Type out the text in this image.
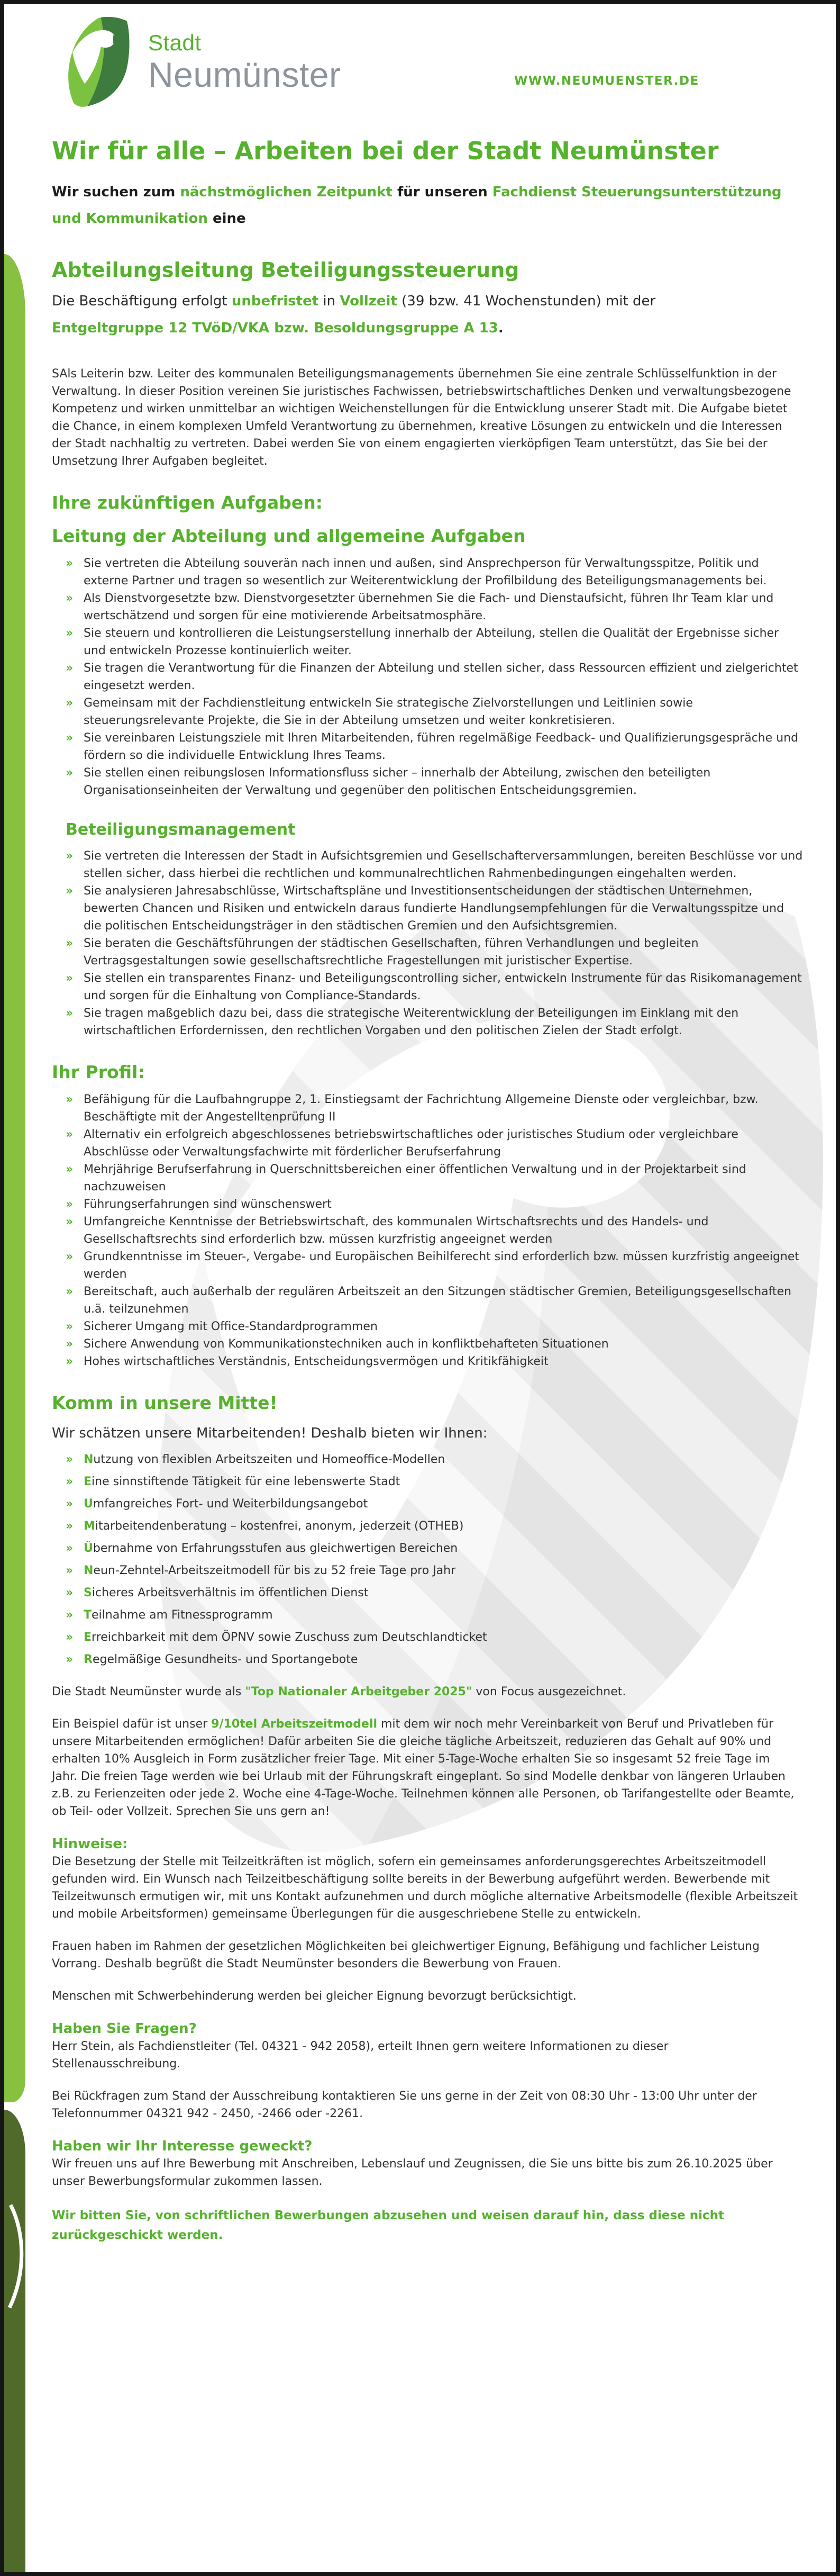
Stadt
Neumünster	WWW.NEUMUENSTER.DE
Wir für alle – Arbeiten bei der Stadt Neumünster

Wir suchen zum nächstmöglichen Zeitpunkt für unseren Fachdienst Steuerungsunterstützung und Kommunikation eine

Abteilungsleitung Beteiligungssteuerung

Die Beschäftigung erfolgt unbefristet in Vollzeit (39 bzw. 41 Wochenstunden) mit der

Entgeltgruppe 12 TVöD/VKA bzw. Besoldungsgruppe A 13.

SAls Leiterin bzw. Leiter des kommunalen Beteiligungsmanagements übernehmen Sie eine zentrale Schlüsselfunktion in der Verwaltung. In dieser Position vereinen Sie juristisches Fachwissen, betriebswirtschaftliches Denken und verwaltungsbezogene Kompetenz und wirken unmittelbar an wichtigen Weichenstellungen für die Entwicklung unserer Stadt mit. Die Aufgabe bietet die Chance, in einem komplexen Umfeld Verantwortung zu übernehmen, kreative Lösungen zu entwickeln und die Interessen der Stadt nachhaltig zu vertreten. Dabei werden Sie von einem engagierten vierköpfigen Team unterstützt, das Sie bei der Umsetzung Ihrer Aufgaben begleitet.

Ihre zukünftigen Aufgaben:
Leitung der Abteilung und allgemeine Aufgaben
» Sie vertreten die Abteilung souverän nach innen und außen, sind Ansprechperson für Verwaltungsspitze, Politik und externe Partner und tragen so wesentlich zur Weiterentwicklung der Profilbildung des Beteiligungsmanagements bei.
» Als Dienstvorgesetzte bzw. Dienstvorgesetzter übernehmen Sie die Fach- und Dienstaufsicht, führen Ihr Team klar und wertschätzend und sorgen für eine motivierende Arbeitsatmosphäre.
» Sie steuern und kontrollieren die Leistungserstellung innerhalb der Abteilung, stellen die Qualität der Ergebnisse sicher und entwickeln Prozesse kontinuierlich weiter.
» Sie tragen die Verantwortung für die Finanzen der Abteilung und stellen sicher, dass Ressourcen effizient und zielgerichtet eingesetzt werden.
» Gemeinsam mit der Fachdienstleitung entwickeln Sie strategische Zielvorstellungen und Leitlinien sowie steuerungsrelevante Projekte, die Sie in der Abteilung umsetzen und weiter konkretisieren.
» Sie vereinbaren Leistungsziele mit Ihren Mitarbeitenden, führen regelmäßige Feedback- und Qualifizierungsgespräche und fördern so die individuelle Entwicklung Ihres Teams.
» Sie stellen einen reibungslosen Informationsfluss sicher – innerhalb der Abteilung, zwischen den beteiligten Organisationseinheiten der Verwaltung und gegenüber den politischen Entscheidungsgremien.
Beteiligungsmanagement
» Sie vertreten die Interessen der Stadt in Aufsichtsgremien und Gesellschafterversammlungen, bereiten Beschlüsse vor und stellen sicher, dass hierbei die rechtlichen und kommunalrechtlichen Rahmenbedingungen eingehalten werden.
» Sie analysieren Jahresabschlüsse, Wirtschaftspläne und Investitionsentscheidungen der städtischen Unternehmen, bewerten Chancen und Risiken und entwickeln daraus fundierte Handlungsempfehlungen für die Verwaltungsspitze und die politischen Entscheidungsträger in den städtischen Gremien und den Aufsichtsgremien.
» Sie beraten die Geschäftsführungen der städtischen Gesellschaften, führen Verhandlungen und begleiten Vertragsgestaltungen sowie gesellschaftsrechtliche Fragestellungen mit juristischer Expertise.
» Sie stellen ein transparentes Finanz- und Beteiligungscontrolling sicher, entwickeln Instrumente für das Risikomanagement und sorgen für die Einhaltung von Compliance-Standards.
» Sie tragen maßgeblich dazu bei, dass die strategische Weiterentwicklung der Beteiligungen im Einklang mit den wirtschaftlichen Erfordernissen, den rechtlichen Vorgaben und den politischen Zielen der Stadt erfolgt.
Ihr Profil:
» Befähigung für die Laufbahngruppe 2, 1. Einstiegsamt der Fachrichtung Allgemeine Dienste oder vergleichbar, bzw. Beschäftigte mit der Angestelltenprüfung II
» Alternativ ein erfolgreich abgeschlossenes betriebswirtschaftliches oder juristisches Studium oder vergleichbare Abschlüsse oder Verwaltungsfachwirte mit förderlicher Berufserfahrung
» Mehrjährige Berufserfahrung in Querschnittsbereichen einer öffentlichen Verwaltung und in der Projektarbeit sind nachzuweisen
» Führungserfahrungen sind wünschenswert
» Umfangreiche Kenntnisse der Betriebswirtschaft, des kommunalen Wirtschaftsrechts und des Handels- und Gesellschaftsrechts sind erforderlich bzw. müssen kurzfristig angeeignet werden
» Grundkenntnisse im Steuer-, Vergabe- und Europäischen Beihilferecht sind erforderlich bzw. müssen kurzfristig angeeignet werden
» Bereitschaft, auch außerhalb der regulären Arbeitszeit an den Sitzungen städtischer Gremien, Beteiligungsgesellschaften u.ä. teilzunehmen
» Sicherer Umgang mit Office-Standardprogrammen
» Sichere Anwendung von Kommunikationstechniken auch in konfliktbehafteten Situationen
» Hohes wirtschaftliches Verständnis, Entscheidungsvermögen und Kritikfähigkeit
Komm in unsere Mitte!

Wir schätzen unsere Mitarbeitenden! Deshalb bieten wir Ihnen:

» Nutzung von flexiblen Arbeitszeiten und Homeoffice-Modellen
» Eine sinnstiftende Tätigkeit für eine lebenswerte Stadt
» Umfangreiches Fort- und Weiterbildungsangebot
» Mitarbeitendenberatung – kostenfrei, anonym, jederzeit (OTHEB)
» Übernahme von Erfahrungsstufen aus gleichwertigen Bereichen
» Neun-Zehntel-Arbeitszeitmodell für bis zu 52 freie Tage pro Jahr
» Sicheres Arbeitsverhältnis im öffentlichen Dienst
» Teilnahme am Fitnessprogramm
» Erreichbarkeit mit dem ÖPNV sowie Zuschuss zum Deutschlandticket
» Regelmäßige Gesundheits- und Sportangebote

Die Stadt Neumünster wurde als "Top Nationaler Arbeitgeber 2025" von Focus ausgezeichnet.

Ein Beispiel dafür ist unser 9/10tel Arbeitszeitmodell mit dem wir noch mehr Vereinbarkeit von Beruf und Privatleben für unsere Mitarbeitenden ermöglichen! Dafür arbeiten Sie die gleiche tägliche Arbeitszeit, reduzieren das Gehalt auf 90% und erhalten 10% Ausgleich in Form zusätzlicher freier Tage. Mit einer 5-Tage-Woche erhalten Sie so insgesamt 52 freie Tage im Jahr. Die freien Tage werden wie bei Urlaub mit der Führungskraft eingeplant. So sind Modelle denkbar von längeren Urlauben z.B. zu Ferienzeiten oder jede 2. Woche eine 4-Tage-Woche. Teilnehmen können alle Personen, ob Tarifangestellte oder Beamte, ob Teil- oder Vollzeit. Sprechen Sie uns gern an!

Hinweise:

Die Besetzung der Stelle mit Teilzeitkräften ist möglich, sofern ein gemeinsames anforderungsgerechtes Arbeitszeitmodell gefunden wird. Ein Wunsch nach Teilzeitbeschäftigung sollte bereits in der Bewerbung aufgeführt werden. Bewerbende mit Teilzeitwunsch ermutigen wir, mit uns Kontakt aufzunehmen und durch mögliche alternative Arbeitsmodelle (flexible Arbeitszeit und mobile Arbeitsformen) gemeinsame Überlegungen für die ausgeschriebene Stelle zu entwickeln.

Frauen haben im Rahmen der gesetzlichen Möglichkeiten bei gleichwertiger Eignung, Befähigung und fachlicher Leistung Vorrang. Deshalb begrüßt die Stadt Neumünster besonders die Bewerbung von Frauen.

Menschen mit Schwerbehinderung werden bei gleicher Eignung bevorzugt berücksichtigt.

Haben Sie Fragen?

Herr Stein, als Fachdienstleiter (Tel. 04321 - 942 2058), erteilt Ihnen gern weitere Informationen zu dieser Stellenausschreibung.

Bei Rückfragen zum Stand der Ausschreibung kontaktieren Sie uns gerne in der Zeit von 08:30 Uhr - 13:00 Uhr unter der Telefonnummer 04321 942 - 2450, -2466 oder -2261.

Haben wir Ihr Interesse geweckt?

Wir freuen uns auf Ihre Bewerbung mit Anschreiben, Lebenslauf und Zeugnissen, die Sie uns bitte bis zum 26.10.2025 über unser Bewerbungsformular zukommen lassen.

Wir bitten Sie, von schriftlichen Bewerbungen abzusehen und weisen darauf hin, dass diese nicht zurückgeschickt werden.
